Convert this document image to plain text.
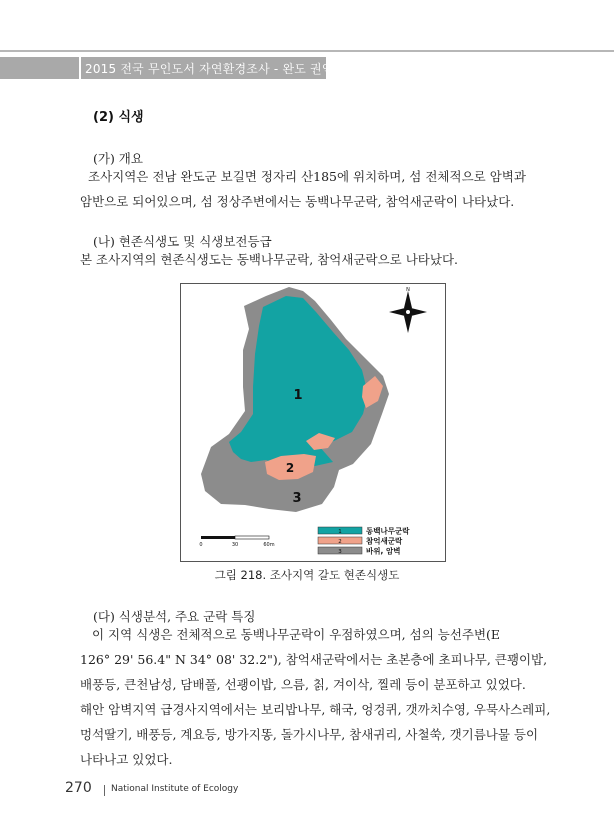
2015 전국 무인도서 자연환경조사 - 완도 권역
(2) 식생
(가) 개요
조사지역은 전남 완도군 보길면 정자리 산185에 위치하며, 섬 전체적으로 암벽과
암반으로 되어있으며, 섬 정상주변에서는 동백나무군락, 참억새군락이 나타났다.
(나) 현존식생도 및 식생보전등급
본 조사지역의 현존식생도는 동백나무군락, 참억새군락으로 나타났다.
1
2
3
N
0	30	60m
1	동백나무군락
2	참억새군락
3	바위, 암벽
그림 218. 조사지역 갈도 현존식생도
(다) 식생분석, 주요 군락 특징
이 지역 식생은 전체적으로 동백나무군락이 우점하였으며, 섬의 능선주변(E
126° 29' 56.4" N 34° 08' 32.2"), 참억새군락에서는 초본층에 초피나무, 큰꽹이밥,
배풍등, 큰천남성, 담배풀, 선괭이밥, 으름, 칡, 겨이삭, 찔레 등이 분포하고 있었다.
해안 암벽지역 급경사지역에서는 보리밥나무, 해국, 엉겅퀴, 갯까치수영, 우묵사스레피,
멍석딸기, 배풍등, 계요등, 방가지똥, 돌가시나무, 참새귀리, 사철쑥, 갯기름나물 등이
나타나고 있었다.
270 National Institute of Ecology
